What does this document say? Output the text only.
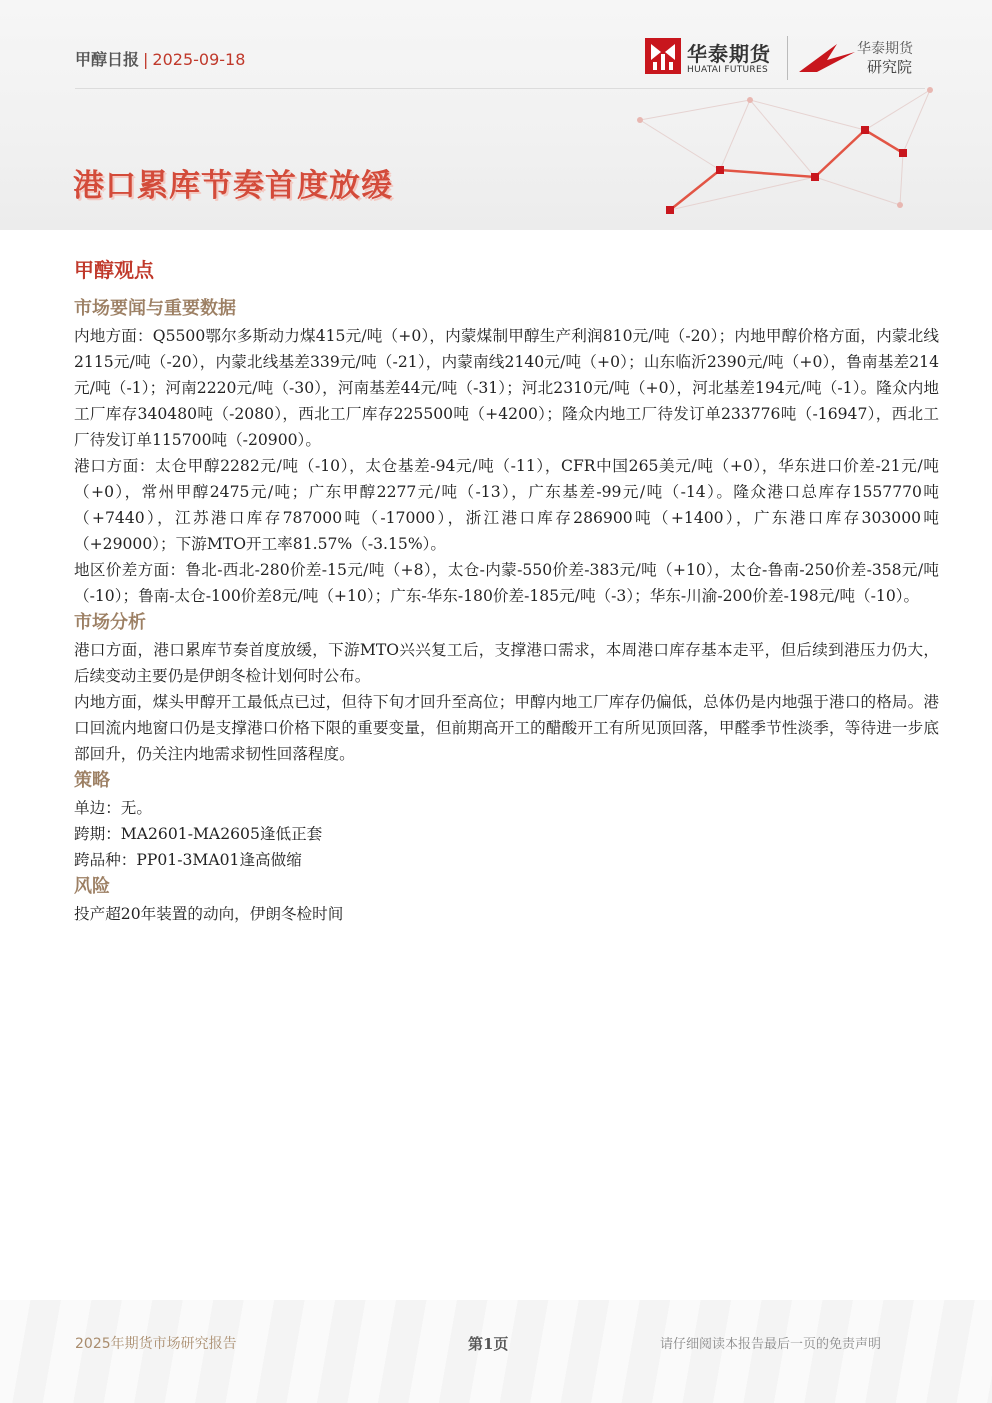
甲醇日报 | 2025-09-18	华泰期货
HUATAI FUTURES
华泰期货
研究院
港口累库节奏首度放缓
甲醇观点
市场要闻与重要数据

内地方面：Q5500鄂尔多斯动力煤415元/吨（+0），内蒙煤制甲醇生产利润810元/吨（-20）；内地甲醇价格方面，内蒙北线2115元/吨（-20），内蒙北线基差339元/吨（-21），内蒙南线2140元/吨（+0）；山东临沂2390元/吨（+0），鲁南基差214元/吨（-1）；河南2220元/吨（-30），河南基差44元/吨（-31）；河北2310元/吨（+0），河北基差194元/吨（-1）。隆众内地工厂库存340480吨（-2080），西北工厂库存225500吨（+4200）；隆众内地工厂待发订单233776吨（-16947），西北工厂待发订单115700吨（-20900）。

港口方面：太仓甲醇2282元/吨（-10），太仓基差-94元/吨（-11），CFR中国265美元/吨（+0），华东进口价差-21元/吨（+0），常州甲醇2475元/吨；广东甲醇2277元/吨（-13），广东基差-99元/吨（-14）。隆众港口总库存1557770吨（+7440），江苏港口库存787000吨（-17000），浙江港口库存286900吨（+1400），广东港口库存303000吨（+29000）；下游MTO开工率81.57%（-3.15%）。

地区价差方面：鲁北-西北-280价差-15元/吨（+8），太仓-内蒙-550价差-383元/吨（+10），太仓-鲁南-250价差-358元/吨（-10）；鲁南-太仓-100价差8元/吨（+10）；广东-华东-180价差-185元/吨（-3）；华东-川渝-200价差-198元/吨（-10）。

市场分析

港口方面，港口累库节奏首度放缓，下游MTO兴兴复工后，支撑港口需求，本周港口库存基本走平，但后续到港压力仍大，后续变动主要仍是伊朗冬检计划何时公布。

内地方面，煤头甲醇开工最低点已过，但待下旬才回升至高位；甲醇内地工厂库存仍偏低，总体仍是内地强于港口的格局。港口回流内地窗口仍是支撑港口价格下限的重要变量，但前期高开工的醋酸开工有所见顶回落，甲醛季节性淡季，等待进一步底部回升，仍关注内地需求韧性回落程度。

策略

单边：无。

跨期：MA2601-MA2605逢低正套

跨品种：PP01-3MA01逢高做缩

风险

投产超20年装置的动向，伊朗冬检时间

2025年期货市场研究报告	第1页	请仔细阅读本报告最后一页的免责声明
